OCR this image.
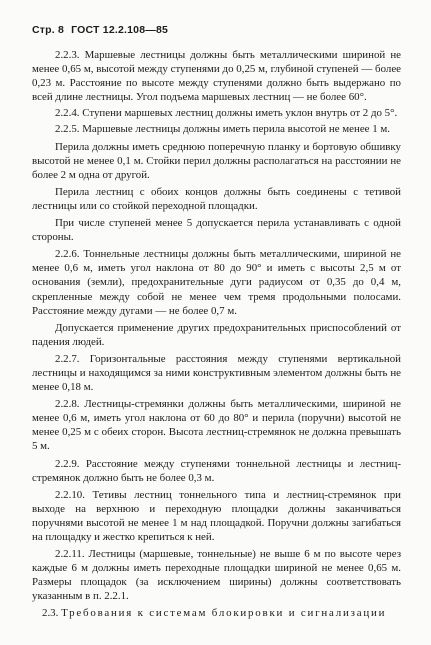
Стр. 8 ГОСТ 12.2.108—85

2.2.3. Маршевые лестницы должны быть металлическими шириной не менее 0,65 м, высотой между ступенями до 0,25 м, глубиной ступеней — более 0,23 м. Расстояние по высоте между ступенями должно быть выдержано по всей длине лестницы. Угол подъема маршевых лестниц — не более 60°.

2.2.4. Ступени маршевых лестниц должны иметь уклон внутрь от 2 до 5°.

2.2.5. Маршевые лестницы должны иметь перила высотой не менее 1 м.

Перила должны иметь среднюю поперечную планку и бортовую обшивку высотой не менее 0,1 м. Стойки перил должны располагаться на расстоянии не более 2 м одна от другой.

Перила лестниц с обоих концов должны быть соединены с тетивой лестницы или со стойкой переходной площадки.

При числе ступеней менее 5 допускается перила устанавливать с одной стороны.

2.2.6. Тоннельные лестницы должны быть металлическими, шириной не менее 0,6 м, иметь угол наклона от 80 до 90° и иметь с высоты 2,5 м от основания (земли), предохранительные дуги радиусом от 0,35 до 0,4 м, скрепленные между собой не менее чем тремя продольными полосами. Расстояние между дугами — не более 0,7 м.

Допускается применение других предохранительных приспособлений от падения людей.

2.2.7. Горизонтальные расстояния между ступенями вертикальной лестницы и находящимся за ними конструктивным элементом должны быть не менее 0,18 м.

2.2.8. Лестницы-стремянки должны быть металлическими, шириной не менее 0,6 м, иметь угол наклона от 60 до 80° и перила (поручни) высотой не менее 0,25 м с обеих сторон. Высота лестниц-стремянок не должна превышать 5 м.

2.2.9. Расстояние между ступенями тоннельной лестницы и лестниц-стремянок должно быть не более 0,3 м.

2.2.10. Тетивы лестниц тоннельного типа и лестниц-стремянок при выходе на верхнюю и переходную площадки должны заканчиваться поручнями высотой не менее 1 м над площадкой. Поручни должны загибаться на площадку и жестко крепиться к ней.

2.2.11. Лестницы (маршевые, тоннельные) не выше 6 м по высоте через каждые 6 м должны иметь переходные площадки шириной не менее 0,65 м. Размеры площадок (за исключением ширины) должны соответствовать указанным в п. 2.2.1.

2.3. Требования к системам блокировки и сигнализации
